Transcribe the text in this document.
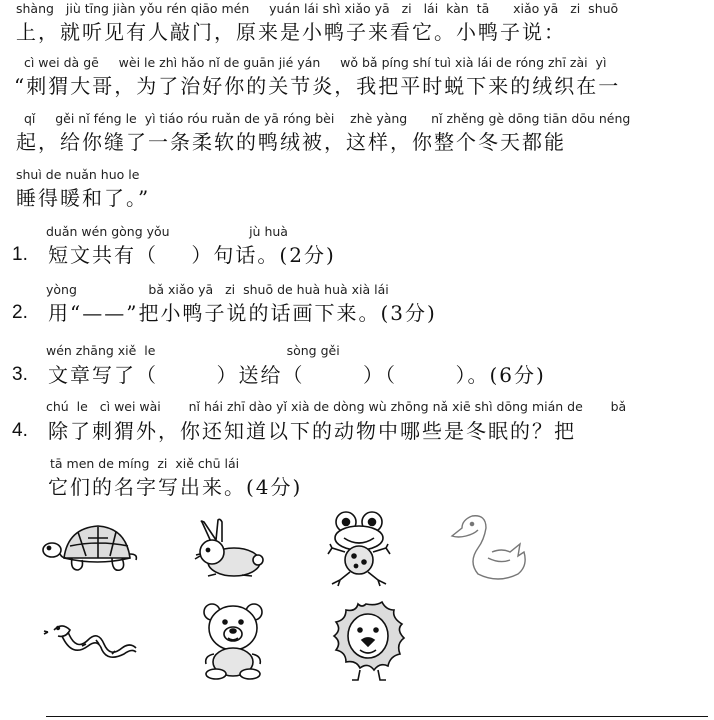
shàng   jiù tīng jiàn yǒu rén qiāo mén     yuán lái shì xiǎo yā   zi   lái  kàn  tā      xiǎo yā   zi  shuō
上，就听见有人敲门，原来是小鸭子来看它。小鸭子说：
cì wei dà gē     wèi le zhì hǎo nǐ de guān jié yán     wǒ bǎ píng shí tuì xià lái de róng zhī zài  yì
“刺猬大哥，为了治好你的关节炎，我把平时蜕下来的绒织在一
qǐ     gěi nǐ féng le  yì tiáo róu ruǎn de yā róng bèi    zhè yàng      nǐ zhěng gè dōng tiān dōu néng
起，给你缝了一条柔软的鸭绒被，这样，你整个冬天都能
shuì de nuǎn huo le
睡得暖和了。”
duǎn wén gòng yǒu                    jù huà
1. 短文共有（    ）句话。(2分)
yòng                  bǎ xiǎo yā   zi  shuō de huà huà xià lái
2. 用“——”把小鸭子说的话画下来。(3分)
wén zhāng xiě  le                                 sòng gěi
3. 文章写了（       ）送给（       ）（       ）。(6分)
chú  le   cì wei wài       nǐ hái zhī dào yǐ xià de dòng wù zhōng nǎ xiē shì dōng mián de       bǎ
4. 除了刺猬外，你还知道以下的动物中哪些是冬眠的？把
tā men de míng  zi  xiě chū lái
它们的名字写出来。(4分)
